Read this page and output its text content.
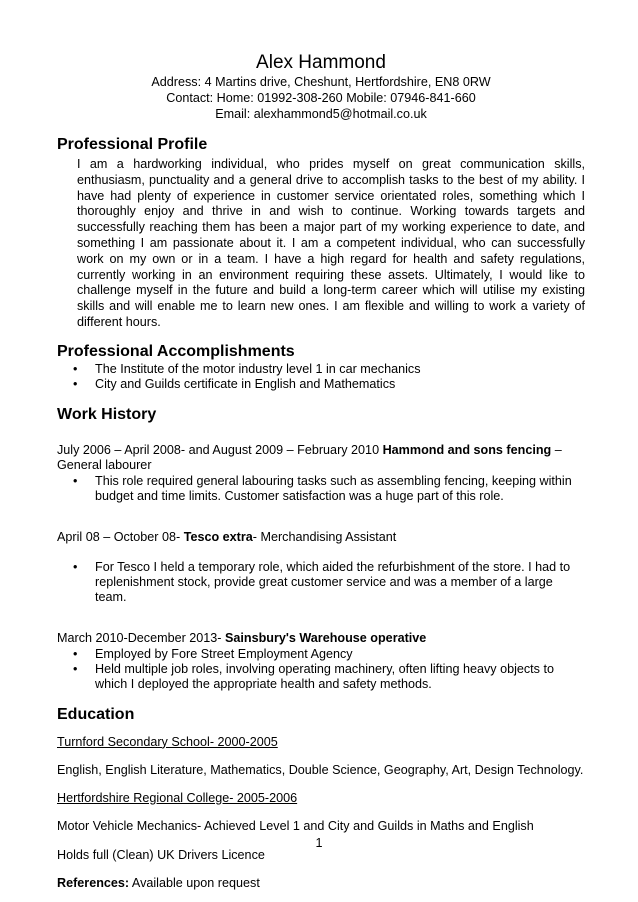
Alex Hammond
Address: 4 Martins drive, Cheshunt, Hertfordshire, EN8 0RW
Contact: Home: 01992-308-260 Mobile: 07946-841-660
Email: alexhammond5@hotmail.co.uk
Professional Profile
I am a hardworking individual, who prides myself on great communication skills, enthusiasm, punctuality and a general drive to accomplish tasks to the best of my ability. I have had plenty of experience in customer service orientated roles, something which I thoroughly enjoy and thrive in and wish to continue. Working towards targets and successfully reaching them has been a major part of my working experience to date, and something I am passionate about it. I am a competent individual, who can successfully work on my own or in a team. I have a high regard for health and safety regulations, currently working in an environment requiring these assets. Ultimately, I would like to challenge myself in the future and build a long-term career which will utilise my existing skills and will enable me to learn new ones. I am flexible and willing to work a variety of different hours.
Professional Accomplishments
• The Institute of the motor industry level 1 in car mechanics
• City and Guilds certificate in English and Mathematics
Work History
July 2006 – April 2008- and August 2009 – February 2010 Hammond and sons fencing – General labourer
• This role required general labouring tasks such as assembling fencing, keeping within budget and time limits. Customer satisfaction was a huge part of this role.
April 08 – October 08- Tesco extra- Merchandising Assistant
• For Tesco I held a temporary role, which aided the refurbishment of the store. I had to replenishment stock, provide great customer service and was a member of a large team.
March 2010-December 2013- Sainsbury's Warehouse operative
• Employed by Fore Street Employment Agency
• Held multiple job roles, involving operating machinery, often lifting heavy objects to which I deployed the appropriate health and safety methods.
Education
Turnford Secondary School- 2000-2005
English, English Literature, Mathematics, Double Science, Geography, Art, Design Technology.
Hertfordshire Regional College- 2005-2006
Motor Vehicle Mechanics- Achieved Level 1 and City and Guilds in Maths and English
Holds full (Clean) UK Drivers Licence
References: Available upon request
1
